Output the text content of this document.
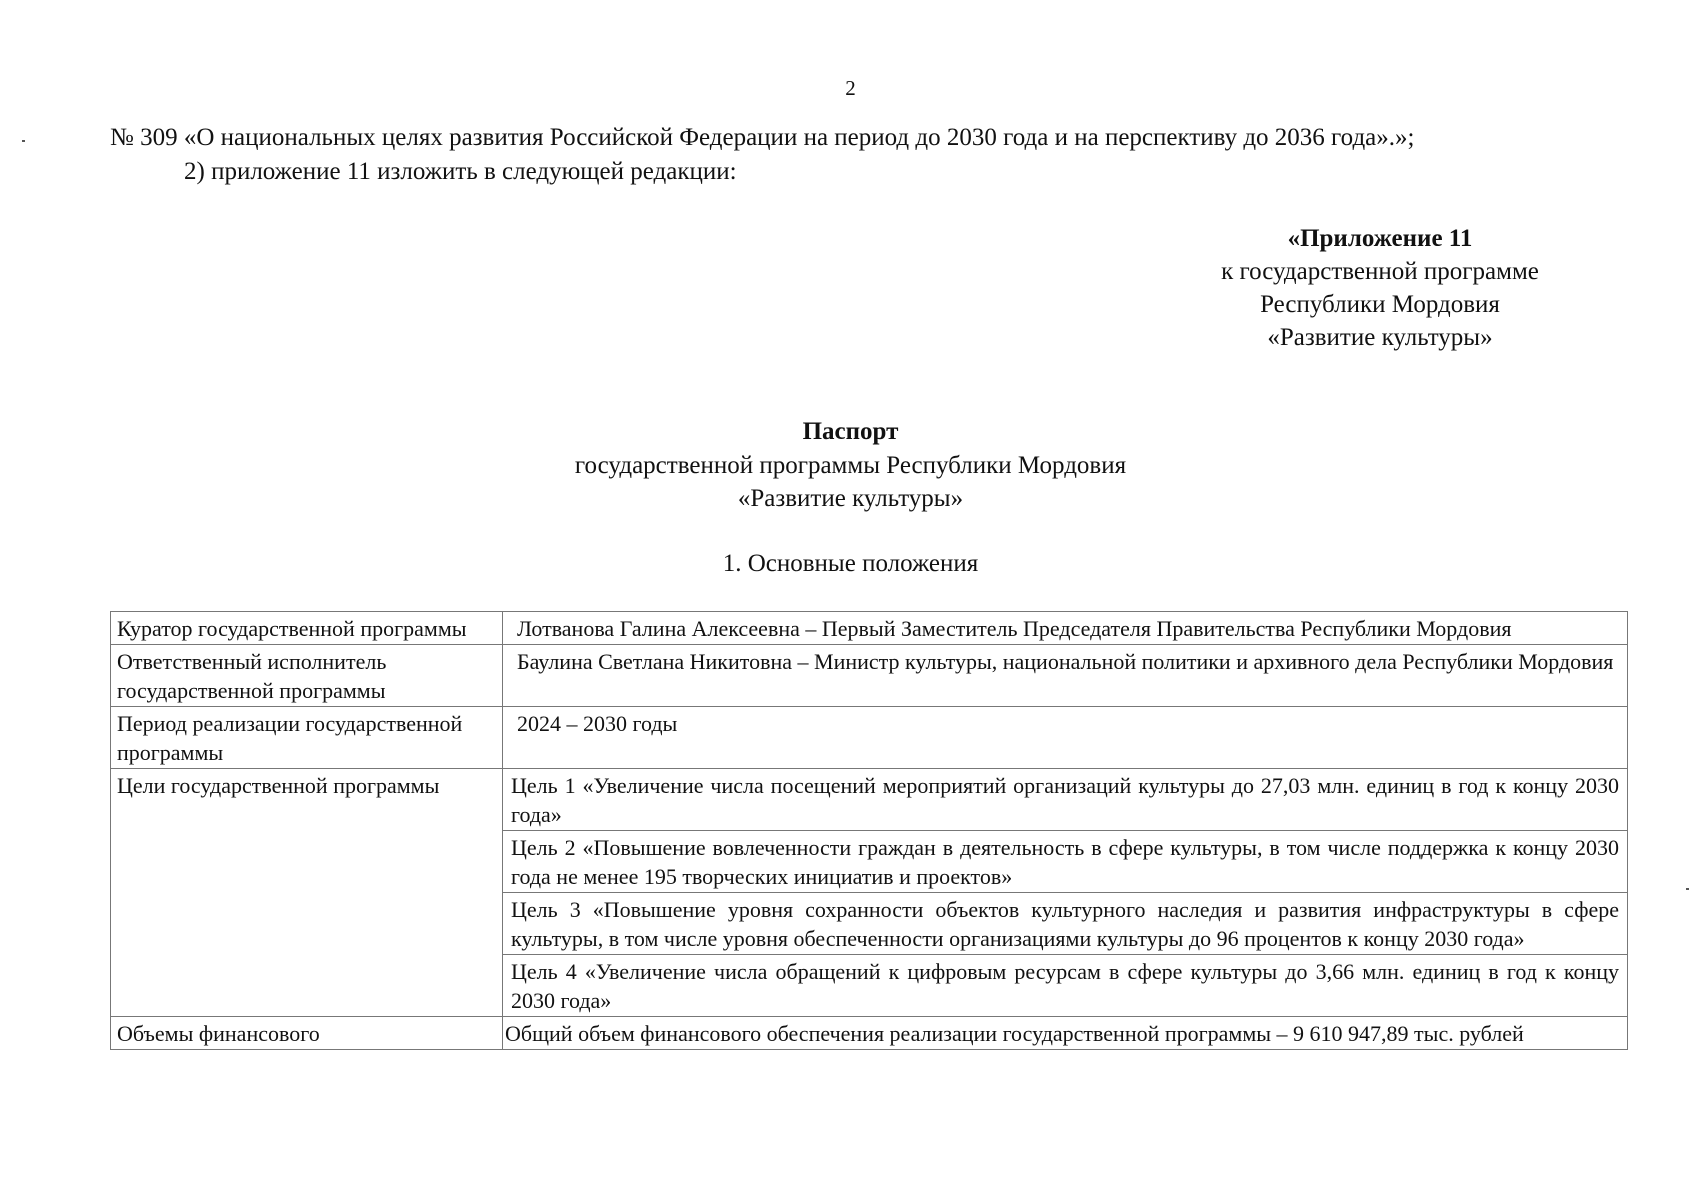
2
№ 309 «О национальных целях развития Российской Федерации на период до 2030 года и на перспективу до 2036 года».»;
2) приложение 11 изложить в следующей редакции:
«Приложение 11
к государственной программе
Республики Мордовия
«Развитие культуры»
Паспорт
государственной программы Республики Мордовия
«Развитие культуры»
1. Основные положения
Куратор государственной программы	Лотванова Галина Алексеевна – Первый Заместитель Председателя Правительства Республики Мордовия
Ответственный исполнитель государственной программы	Баулина Светлана Никитовна – Министр культуры, национальной политики и архивного дела Республики Мордовия
Период реализации государственной программы	2024 – 2030 годы
Цели государственной программы	Цель 1 «Увеличение числа посещений мероприятий организаций культуры до 27,03 млн. единиц в год к концу 2030 года»
	Цель 2 «Повышение вовлеченности граждан в деятельность в сфере культуры, в том числе поддержка к концу 2030 года не менее 195 творческих инициатив и проектов»
	Цель 3 «Повышение уровня сохранности объектов культурного наследия и развития инфраструктуры в сфере культуры, в том числе уровня обеспеченности организациями культуры до 96 процентов к концу 2030 года»
	Цель 4 «Увеличение числа обращений к цифровым ресурсам в сфере культуры до 3,66 млн. единиц в год к концу 2030 года»
Объемы финансового	Общий объем финансового обеспечения реализации государственной программы – 9 610 947,89 тыс. рублей
